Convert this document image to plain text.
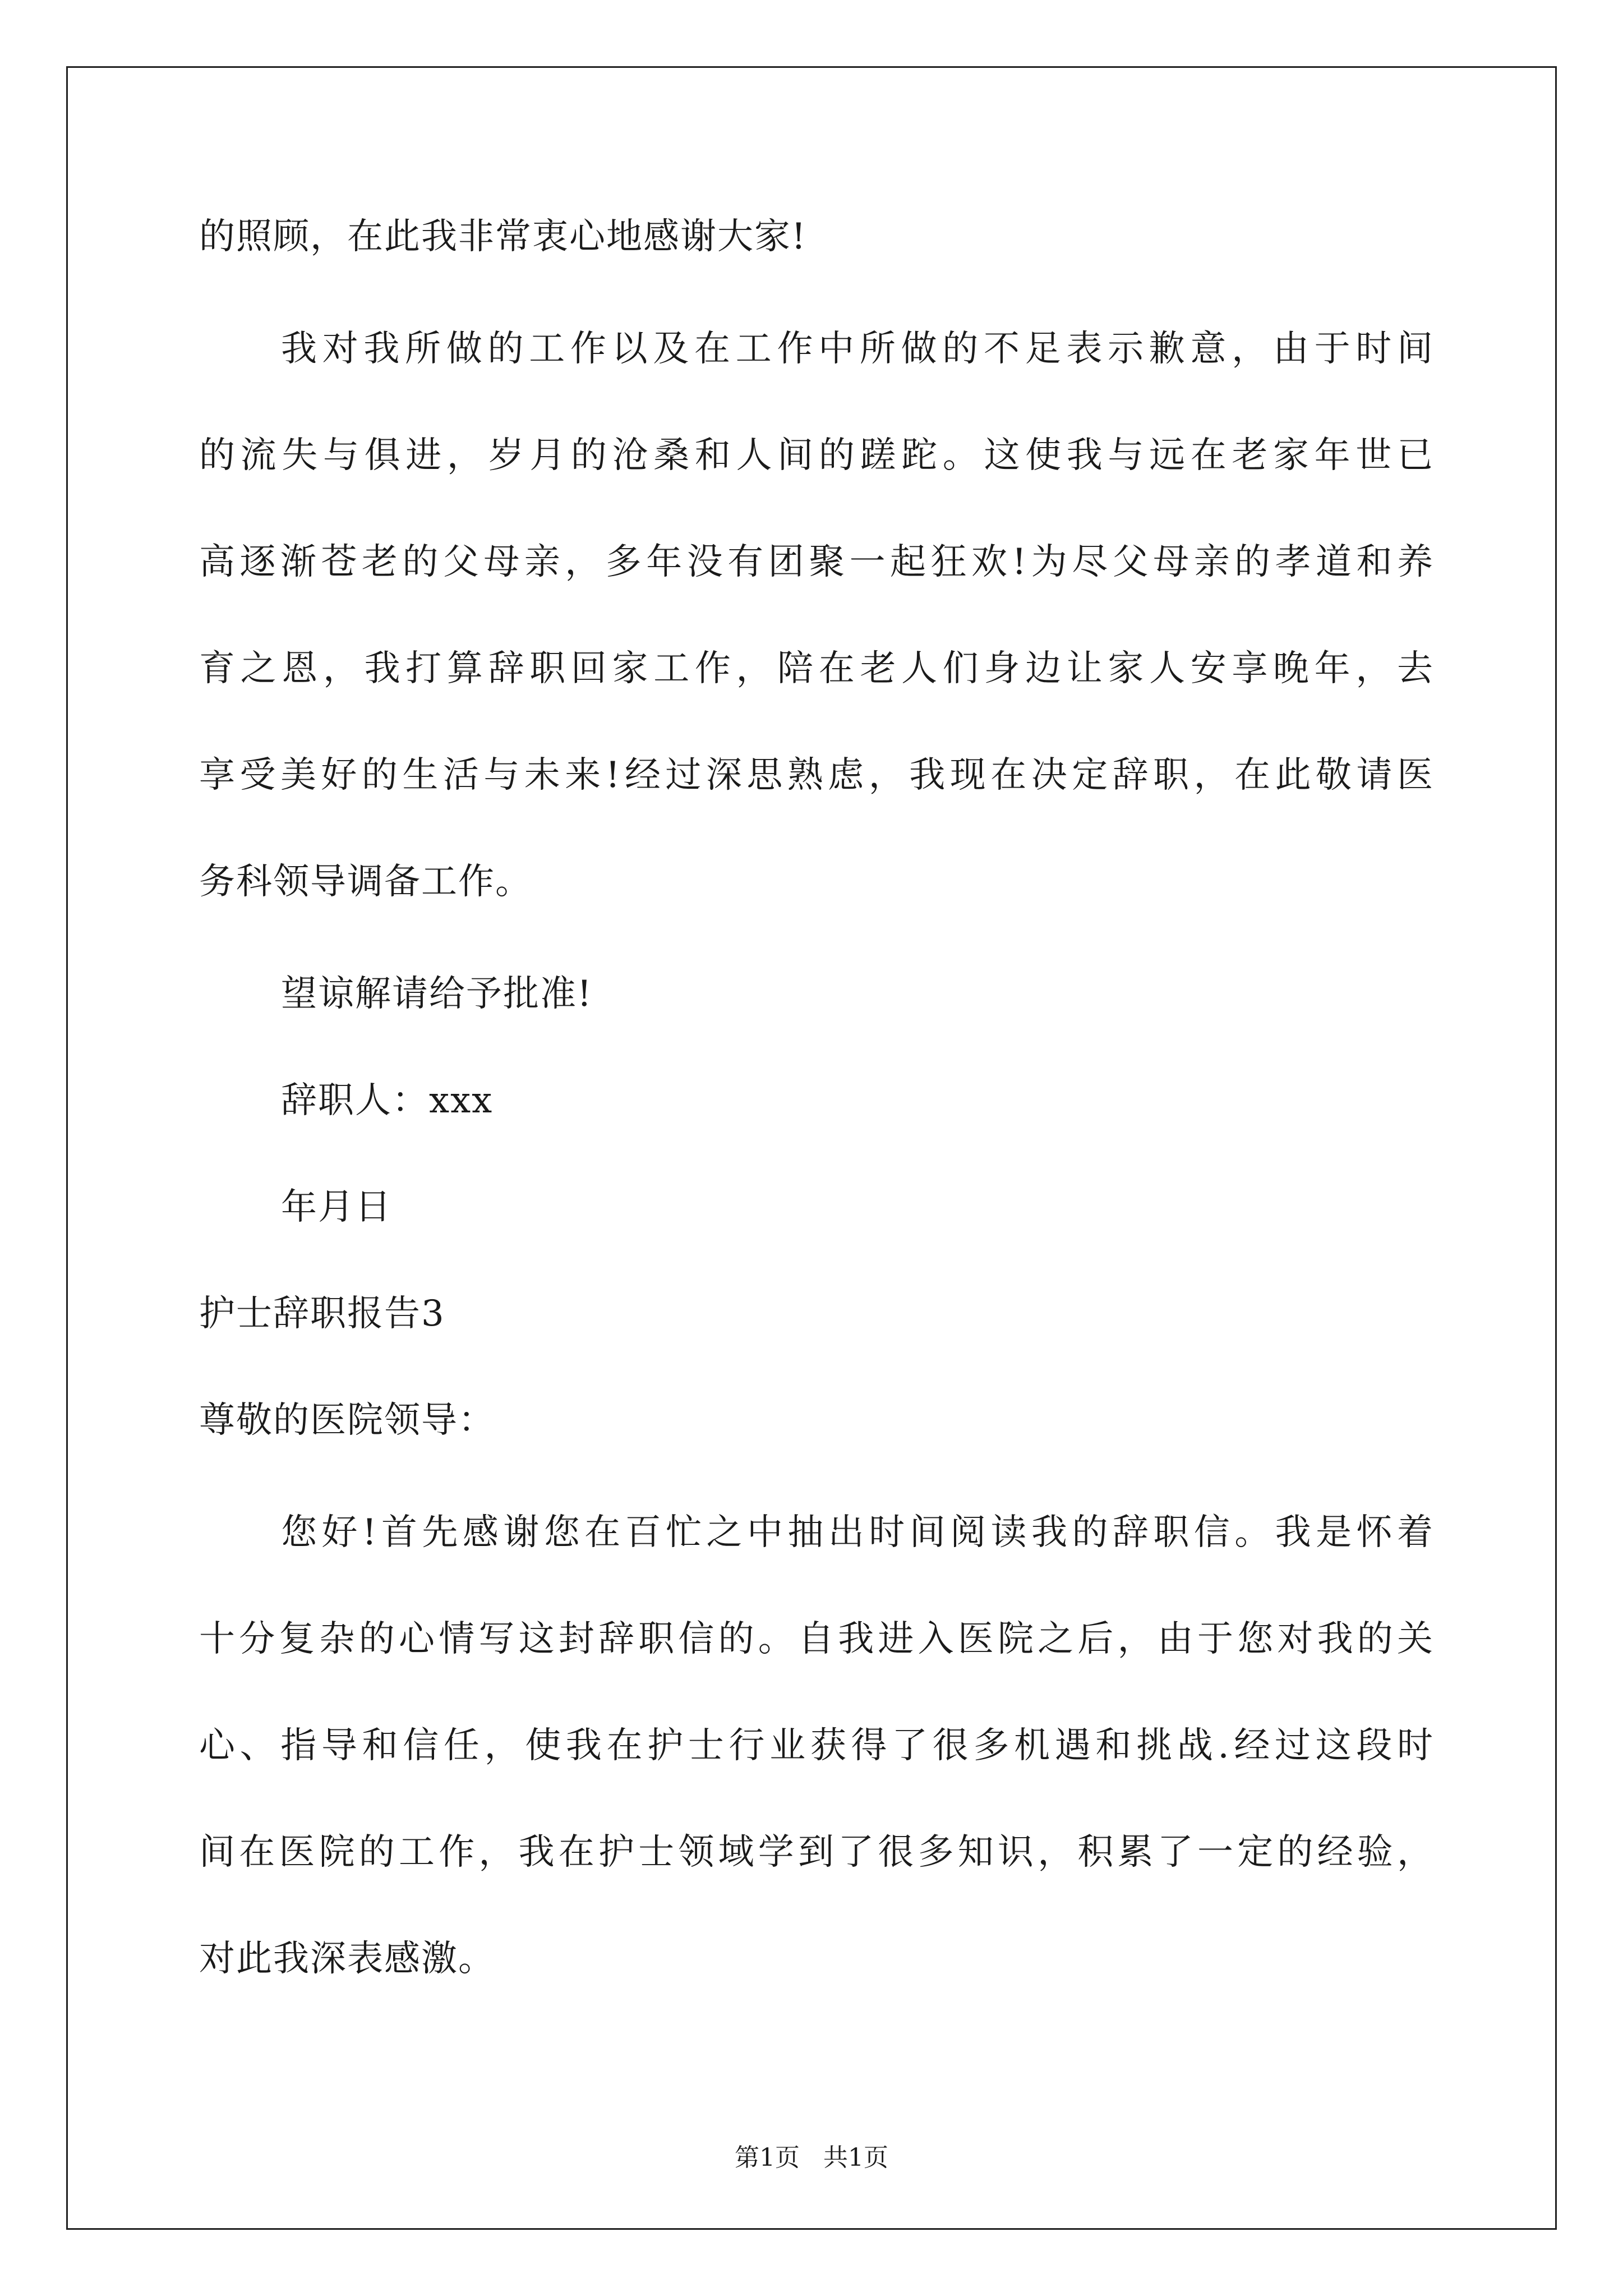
的照顾，在此我非常衷心地感谢大家!
我对我所做的工作以及在工作中所做的不足表示歉意，由于时间
的流失与俱进，岁月的沧桑和人间的蹉跎。这使我与远在老家年世已
高逐渐苍老的父母亲，多年没有团聚一起狂欢!为尽父母亲的孝道和养
育之恩，我打算辞职回家工作，陪在老人们身边让家人安享晚年，去
享受美好的生活与未来!经过深思熟虑，我现在决定辞职，在此敬请医
务科领导调备工作。
望谅解请给予批准!
辞职人：xxx
年月日
护士辞职报告3
尊敬的医院领导：
您好!首先感谢您在百忙之中抽出时间阅读我的辞职信。我是怀着
十分复杂的心情写这封辞职信的。自我进入医院之后，由于您对我的关
心、指导和信任，使我在护士行业获得了很多机遇和挑战.经过这段时
间在医院的工作，我在护士领域学到了很多知识，积累了一定的经验，
对此我深表感激。
第1页   共1页
